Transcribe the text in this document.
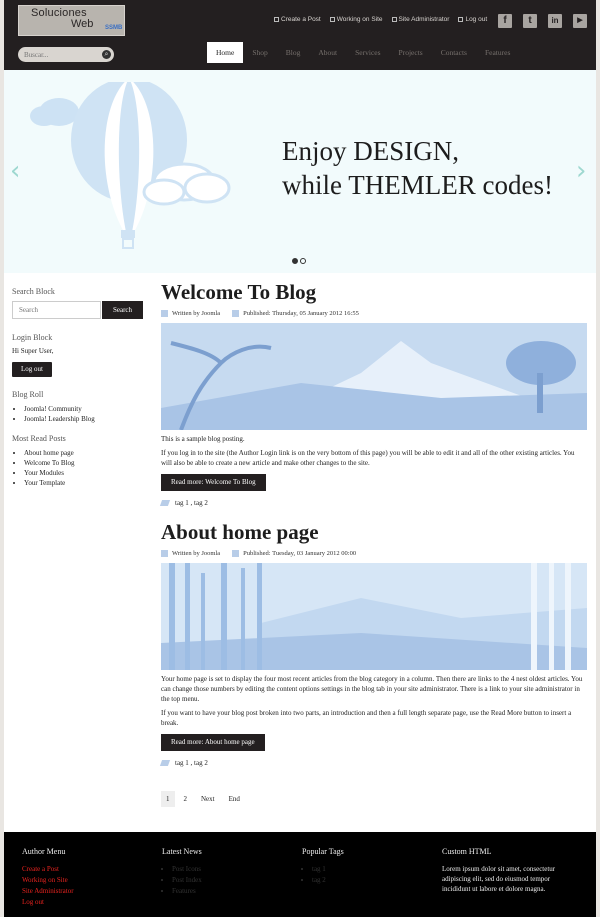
Soluciones
Web SSMB
Create a Post Working on Site Site Administrator Log out	f	t	in	▶
Buscar...
⌕	Home	Shop	Blog	About	Services	Projects	Contacts	Features
‹	›
Enjoy DESIGN,
while THEMLER codes!
Search Block
Search
Search
Login Block
Hi Super User,
Log out
Blog Roll
• Joomla! Community
• Joomla! Leadership Blog
Most Read Posts
• About home page
• Welcome To Blog
• Your Modules
• Your Template
Welcome To Blog
Written by Joomla	Published: Thursday, 05 January 2012 16:55

This is a sample blog posting.

If you log in to the site (the Author Login link is on the very bottom of this page) you will be able to edit it and all of the other existing articles. You will also be able to create a new article and make other changes to the site.

Read more: Welcome To Blog
tag 1 , tag 2
About home page
Written by Joomla	Published: Tuesday, 03 January 2012 00:00

Your home page is set to display the four most recent articles from the blog category in a column. Then there are links to the 4 nest oldest articles. You can change those numbers by editing the content options settings in the blog tab in your site administrator. There is a link to your site administrator in the top menu.

If you want to have your blog post broken into two parts, an introduction and then a full length separate page, use the Read More button to insert a break.

Read more: About home page
tag 1 , tag 2
1	2	Next	End
Author Menu
Create a Post
Working on Site
Site Administrator
Log out
Latest News
• Post Icons
• Post Index
• Features
Popular Tags
• tag 1
• tag 2
Custom HTML
Lorem ipsum dolor sit amet, consectetur adipiscing elit, sed do eiusmod tempor incididunt ut labore et dolore magna.
